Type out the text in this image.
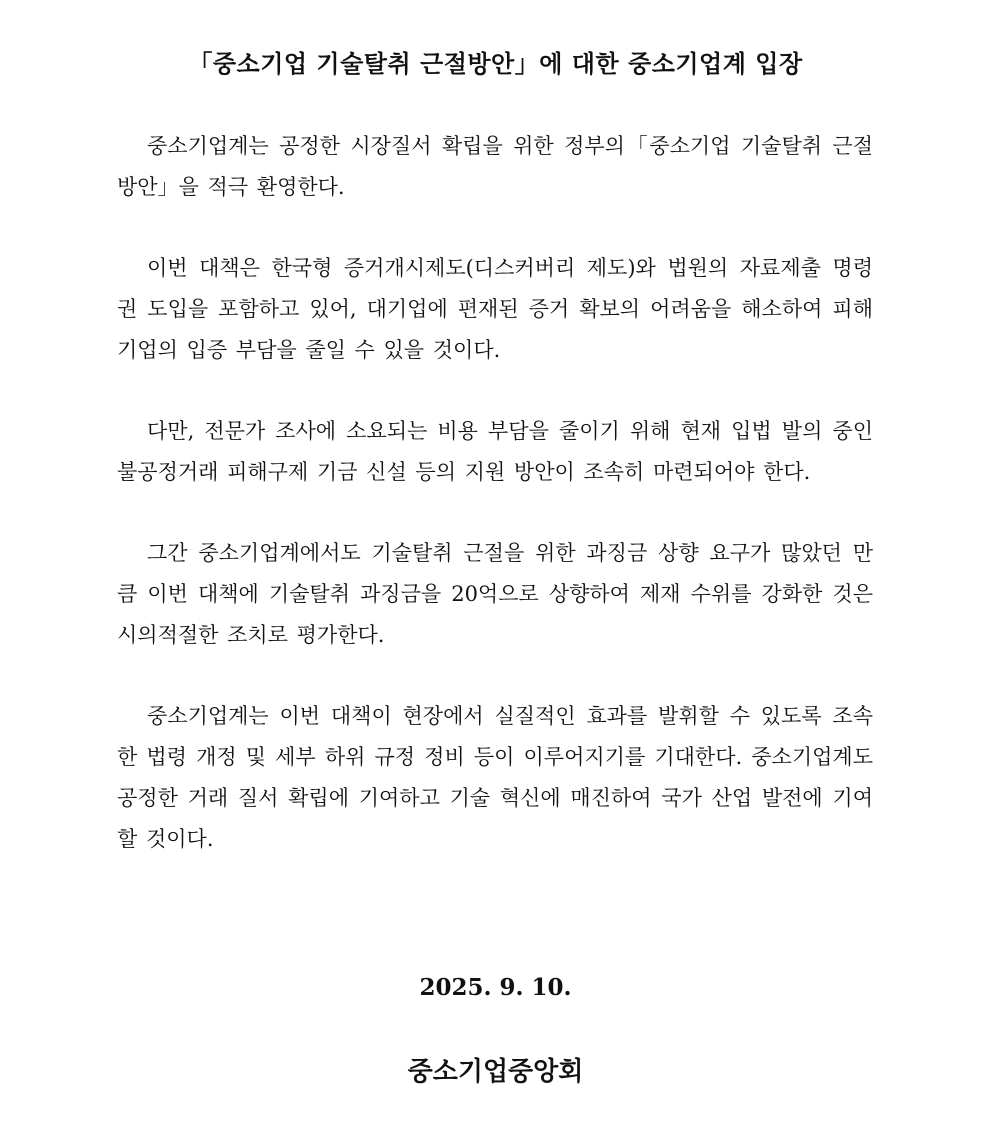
「중소기업 기술탈취 근절방안」에 대한 중소기업계 입장

중소기업계는 공정한 시장질서 확립을 위한 정부의「중소기업 기술탈취 근절 방안」을 적극 환영한다.

이번 대책은 한국형 증거개시제도(디스커버리 제도)와 법원의 자료제출 명령권 도입을 포함하고 있어, 대기업에 편재된 증거 확보의 어려움을 해소하여 피해기업의 입증 부담을 줄일 수 있을 것이다.

다만, 전문가 조사에 소요되는 비용 부담을 줄이기 위해 현재 입법 발의 중인 불공정거래 피해구제 기금 신설 등의 지원 방안이 조속히 마련되어야 한다.

그간 중소기업계에서도 기술탈취 근절을 위한 과징금 상향 요구가 많았던 만큼 이번 대책에 기술탈취 과징금을 20억으로 상향하여 제재 수위를 강화한 것은 시의적절한 조치로 평가한다.

중소기업계는 이번 대책이 현장에서 실질적인 효과를 발휘할 수 있도록 조속한 법령 개정 및 세부 하위 규정 정비 등이 이루어지기를 기대한다. 중소기업계도 공정한 거래 질서 확립에 기여하고 기술 혁신에 매진하여 국가 산업 발전에 기여할 것이다.

2025. 9. 10.

중소기업중앙회
